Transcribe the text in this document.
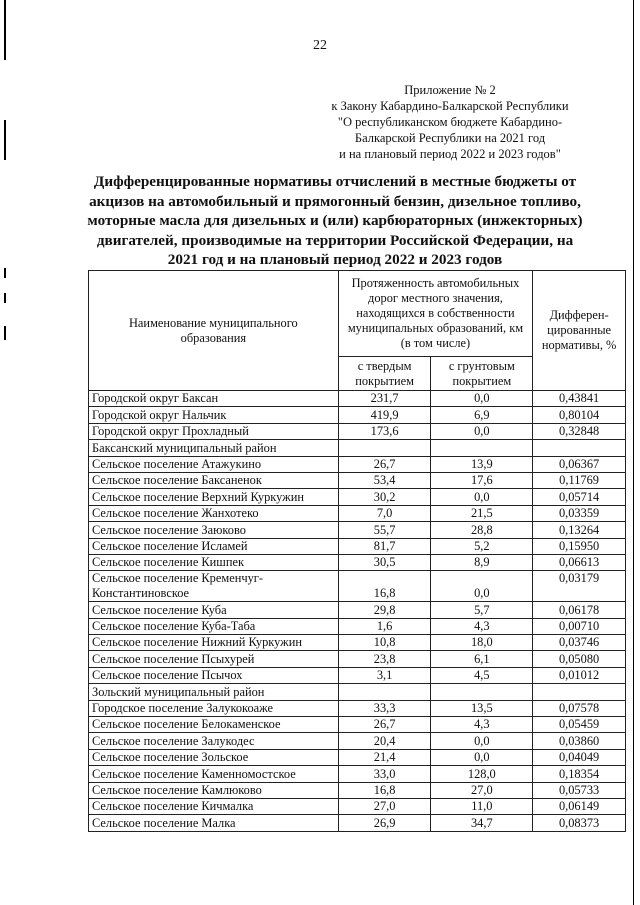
22
Приложение № 2
к Закону Кабардино-Балкарской Республики
"О республиканском бюджете Кабардино-
Балкарской Республики на 2021 год
и на плановый период 2022 и 2023 годов"
Дифференцированные нормативы отчислений в местные бюджеты от акцизов на автомобильный и прямогонный бензин, дизельное топливо, моторные масла для дизельных и (или) карбюраторных (инжекторных) двигателей, производимые на территории Российской Федерации, на 2021 год и на плановый период 2022 и 2023 годов
Наименование муниципального образования	Протяженность автомобильных дорог местного значения, находящихся в собственности муниципальных образований, км (в том числе)		Дифферен-цированные нормативы, %
	с твердым покрытием	с грунтовым покрытием	
Городской округ Баксан	231,7	0,0	0,43841
Городской округ Нальчик	419,9	6,9	0,80104
Городской округ Прохладный	173,6	0,0	0,32848
Баксанский муниципальный район			
Сельское поселение Атажукино	26,7	13,9	0,06367
Сельское поселение Баксаненок	53,4	17,6	0,11769
Сельское поселение Верхний Куркужин	30,2	0,0	0,05714
Сельское поселение Жанхотеко	7,0	21,5	0,03359
Сельское поселение Заюково	55,7	28,8	0,13264
Сельское поселение Исламей	81,7	5,2	0,15950
Сельское поселение Кишпек	30,5	8,9	0,06613
Сельское поселение Кременчуг-Константиновское	16,8	0,0	0,03179
Сельское поселение Куба	29,8	5,7	0,06178
Сельское поселение Куба-Таба	1,6	4,3	0,00710
Сельское поселение Нижний Куркужин	10,8	18,0	0,03746
Сельское поселение Псыхурей	23,8	6,1	0,05080
Сельское поселение Псычох	3,1	4,5	0,01012
Зольский муниципальный район			
Городское поселение Залукокоаже	33,3	13,5	0,07578
Сельское поселение Белокаменское	26,7	4,3	0,05459
Сельское поселение Залукодес	20,4	0,0	0,03860
Сельское поселение Зольское	21,4	0,0	0,04049
Сельское поселение Каменномостское	33,0	128,0	0,18354
Сельское поселение Камлюково	16,8	27,0	0,05733
Сельское поселение Кичмалка	27,0	11,0	0,06149
Сельское поселение Малка	26,9	34,7	0,08373
